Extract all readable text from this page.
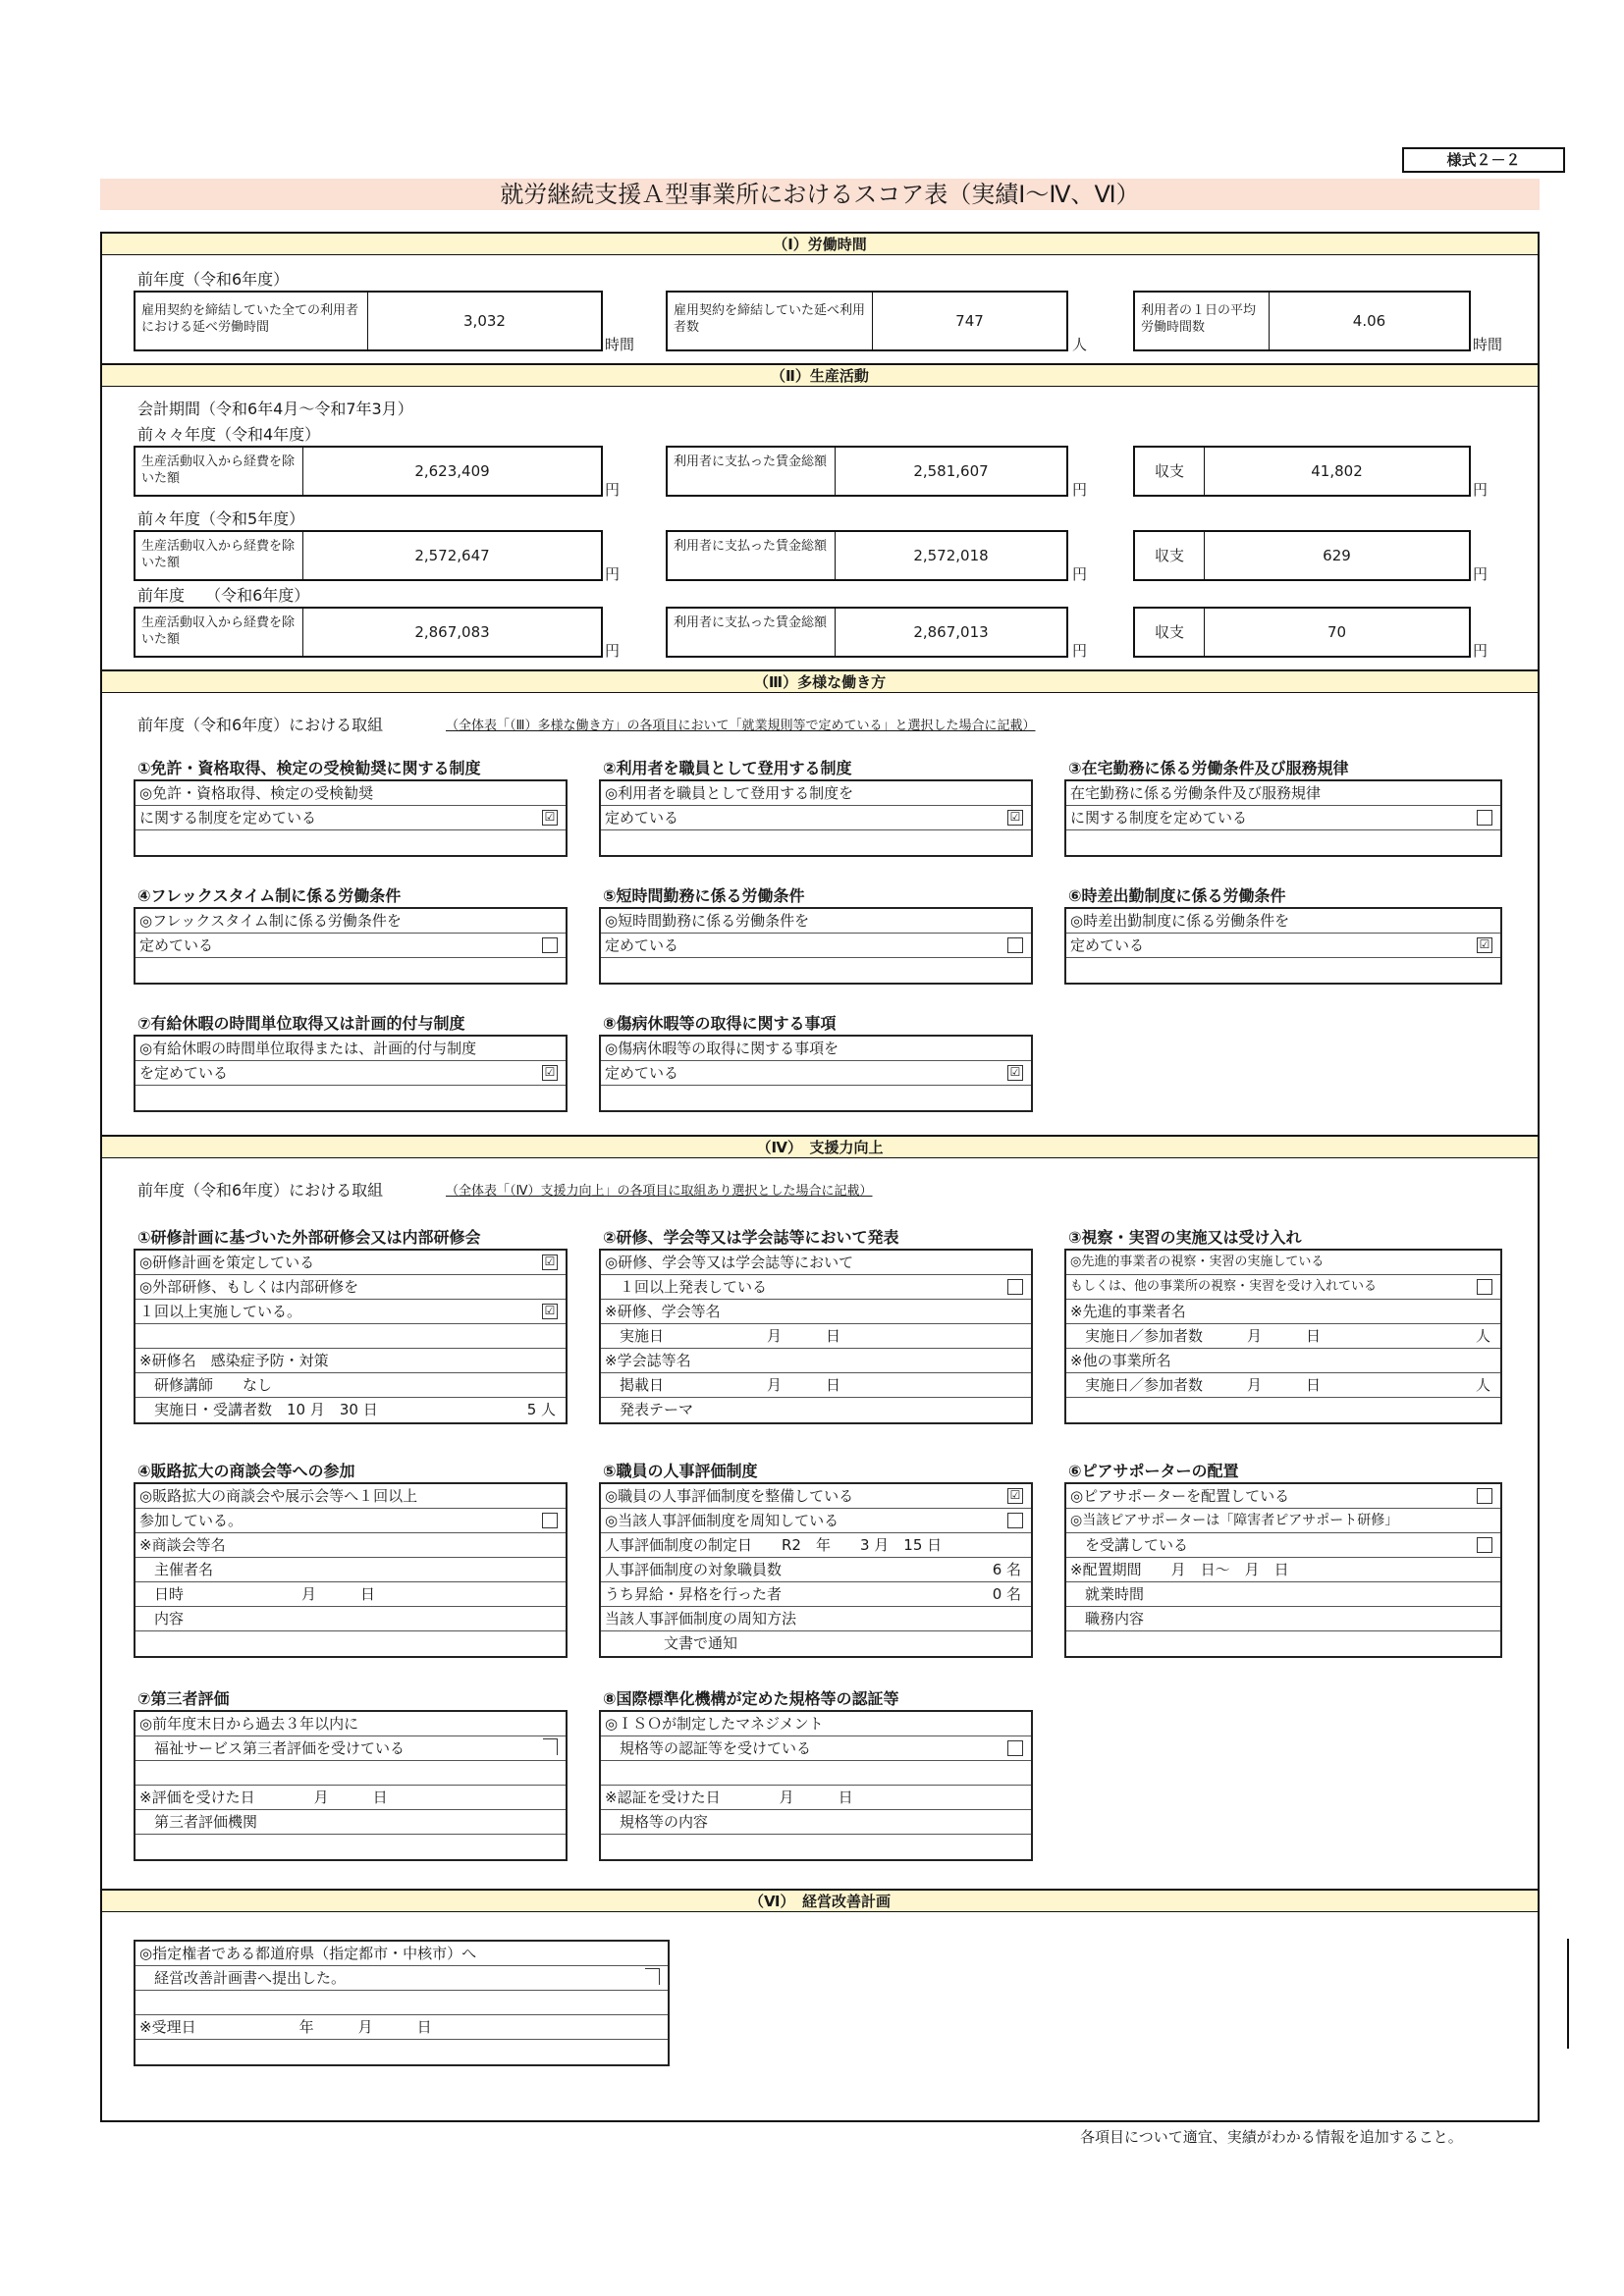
様式２－２
就労継続支援Ａ型事業所におけるスコア表（実績Ⅰ～Ⅳ、Ⅵ）
（Ⅰ）労働時間
前年度（令和6年度）
雇用契約を締結していた全ての利用者における延べ労働時間	3,032
時間
雇用契約を締結していた延べ利用者数	747
人
利用者の１日の平均労働時間数	4.06
時間
（Ⅱ）生産活動
会計期間（令和6年4月～令和7年3月）
前々々年度（令和4年度）
生産活動収入から経費を除いた額	2,623,409
円
利用者に支払った賃金総額
2,581,607
円
収支	41,802
円
前々年度（令和5年度）
生産活動収入から経費を除いた額	2,572,647
円
利用者に支払った賃金総額
2,572,018
円
収支	629
円
前年度　 （令和6年度）
生産活動収入から経費を除いた額	2,867,083
円
利用者に支払った賃金総額
2,867,013
円
収支	70
円
（Ⅲ）多様な働き方
前年度（令和6年度）における取組	（全体表「（Ⅲ）多様な働き方」の各項目において「就業規則等で定めている」と選択した場合に記載）
①免許・資格取得、検定の受検勧奨に関する制度
◎免許・資格取得、検定の受検勧奨
に関する制度を定めている	☑
②利用者を職員として登用する制度
◎利用者を職員として登用する制度を
定めている	☑
③在宅勤務に係る労働条件及び服務規律
在宅勤務に係る労働条件及び服務規律
に関する制度を定めている
④フレックスタイム制に係る労働条件
◎フレックスタイム制に係る労働条件を
定めている
⑤短時間勤務に係る労働条件
◎短時間勤務に係る労働条件を
定めている
⑥時差出勤制度に係る労働条件
◎時差出勤制度に係る労働条件を
定めている	☑
⑦有給休暇の時間単位取得又は計画的付与制度
◎有給休暇の時間単位取得または、計画的付与制度
を定めている	☑
⑧傷病休暇等の取得に関する事項
◎傷病休暇等の取得に関する事項を
定めている	☑
（Ⅳ）　支援力向上
前年度（令和6年度）における取組	（全体表「（Ⅳ）支援力向上」の各項目に取組あり選択とした場合に記載）
①研修計画に基づいた外部研修会又は内部研修会
◎研修計画を策定している	☑
◎外部研修、もしくは内部研修を
１回以上実施している。	☑
※研修名　感染症予防・対策
　研修講師　　なし
　実施日・受講者数　10 月　30 日	5 人
②研修、学会等又は学会誌等において発表
◎研修、学会等又は学会誌等において
　１回以上発表している
※研修、学会等名
　実施日　　　　　　　月　　　日
※学会誌等名
　掲載日　　　　　　　月　　　日
　発表テーマ
③視察・実習の実施又は受け入れ
◎先進的事業者の視察・実習の実施している
もしくは、他の事業所の視察・実習を受け入れている
※先進的事業者名
　実施日／参加者数　　　月　　　日	人
※他の事業所名
　実施日／参加者数　　　月　　　日	人
④販路拡大の商談会等への参加
◎販路拡大の商談会や展示会等へ１回以上
参加している。
※商談会等名
　主催者名
　日時　　　　　　　　月　　　日
　内容
⑤職員の人事評価制度
◎職員の人事評価制度を整備している	☑
◎当該人事評価制度を周知している
人事評価制度の制定日　　R2　年　　3 月　15 日
人事評価制度の対象職員数	6 名
うち昇給・昇格を行った者	0 名
当該人事評価制度の周知方法
　　　　文書で通知
⑥ピアサポーターの配置
◎ピアサポーターを配置している
◎当該ピアサポーターは「障害者ピアサポート研修」
　を受講している
※配置期間　　月　日～　月　日
　就業時間
　職務内容
⑦第三者評価
◎前年度末日から過去３年以内に
　福祉サービス第三者評価を受けている
※評価を受けた日　　　　月　　　日
　第三者評価機関
⑧国際標準化機構が定めた規格等の認証等
◎ＩＳＯが制定したマネジメント
　規格等の認証等を受けている
※認証を受けた日　　　　月　　　日
　規格等の内容
（Ⅵ）　経営改善計画
◎指定権者である都道府県（指定都市・中核市）へ
　経営改善計画書へ提出した。
※受理日　　　　　　　年　　　月　　　日
各項目について適宜、実績がわかる情報を追加すること。
